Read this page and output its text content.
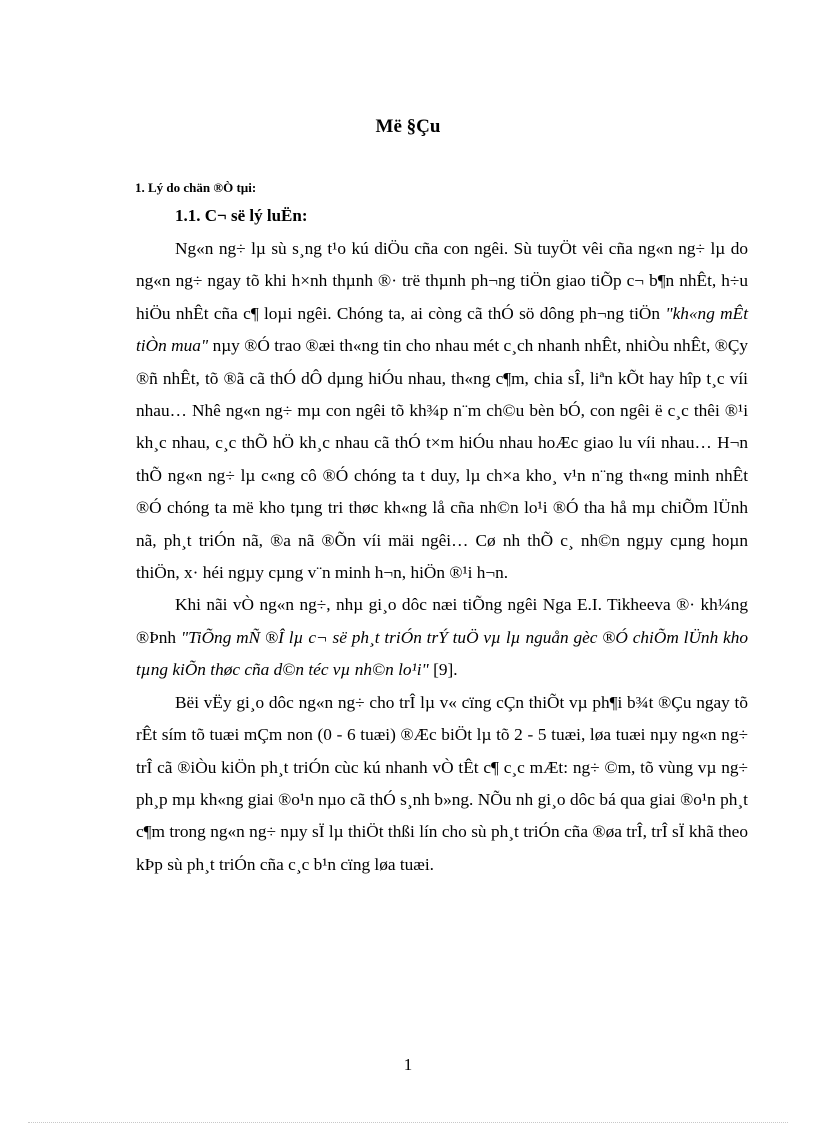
Më §Çu
1. Lý do chän ®Ò tµi:
1.1. C¬ së lý luËn:

Ng«n ng÷ lµ sù s¸ng t¹o kú diÖu cña con ngêi. Sù tuyÖt vêi cña ng«n ng÷ lµ do ng«n ng÷ ngay tõ khi h×nh thµnh ®· trë thµnh ph¬ng tiÖn giao tiÕp c¬ b¶n nhÊt, h÷u hiÖu nhÊt cña c¶ loµi ngêi. Chóng ta, ai còng cã thÓ sö dông ph¬ng tiÖn "kh«ng mÊt tiÒn mua" nµy ®Ó trao ®æi th«ng tin cho nhau mét c¸ch nhanh nhÊt, nhiÒu nhÊt, ®Çy ®ñ nhÊt, tõ ®ã cã thÓ dÔ dµng hiÓu nhau, th«ng c¶m, chia sÎ, liªn kÕt hay hîp t¸c víi nhau… Nhê ng«n ng÷ mµ con ngêi tõ kh¾p n¨m ch©u bèn bÓ, con ngêi ë c¸c thêi ®¹i kh¸c nhau, c¸c thÕ hÖ kh¸c nhau cã thÓ t×m hiÓu nhau hoÆc giao lu víi nhau… H¬n thÕ ng«n ng÷ lµ c«ng cô ®Ó chóng ta t duy, lµ ch×a kho¸ v¹n n¨ng th«ng minh nhÊt ®Ó chóng ta më kho tµng tri thøc kh«ng lå cña nh©n lo¹i ®Ó tha hå mµ chiÕm lÜnh nã, ph¸t triÓn nã, ®a nã ®Õn víi mäi ngêi… Cø nh thÕ c¸ nh©n ngµy cµng hoµn thiÖn, x· héi ngµy cµng v¨n minh h¬n, hiÖn ®¹i h¬n.

Khi nãi vÒ ng«n ng÷, nhµ gi¸o dôc næi tiÕng ngêi Nga E.I. Tikheeva ®· kh¼ng ®Þnh "TiÕng mÑ ®Î lµ c¬ së ph¸t triÓn trÝ tuÖ vµ lµ nguån gèc ®Ó chiÕm lÜnh kho tµng kiÕn thøc cña d©n téc vµ nh©n lo¹i" [9].

Bëi vËy gi¸o dôc ng«n ng÷ cho trÎ lµ v« cïng cÇn thiÕt vµ ph¶i b¾t ®Çu ngay tõ rÊt sím tõ tuæi mÇm non (0 - 6 tuæi) ®Æc biÖt lµ tõ 2 - 5 tuæi, løa tuæi nµy ng«n ng÷ trÎ cã ®iÒu kiÖn ph¸t triÓn cùc kú nhanh vÒ tÊt c¶ c¸c mÆt: ng÷ ©m, tõ vùng vµ ng÷ ph¸p mµ kh«ng giai ®o¹n nµo cã thÓ s¸nh b»ng. NÕu nh gi¸o dôc bá qua giai ®o¹n ph¸t c¶m trong ng«n ng÷ nµy sÏ lµ thiÖt thßi lín cho sù ph¸t triÓn cña ®øa trÎ, trÎ sÏ khã theo kÞp sù ph¸t triÓn cña c¸c b¹n cïng løa tuæi.

1
